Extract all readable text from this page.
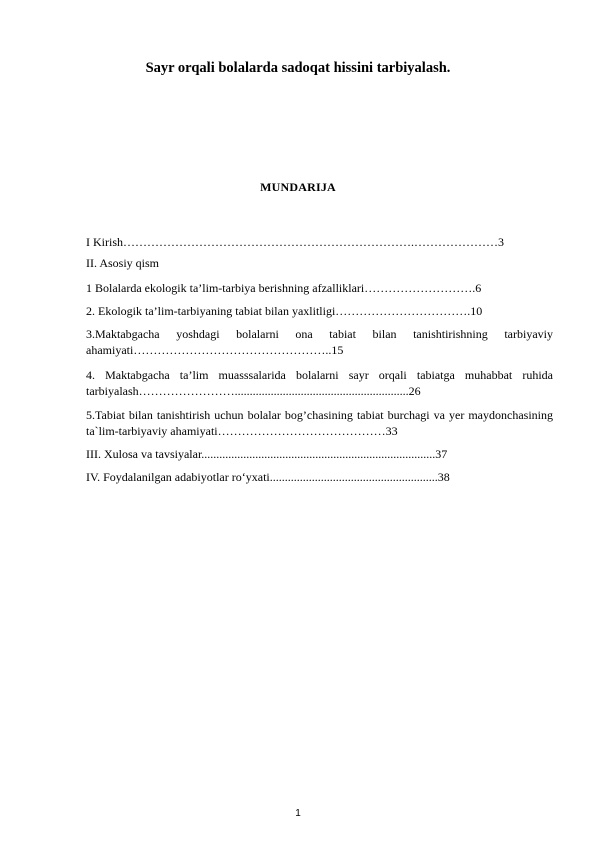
Sayr orqali bolalarda sadoqat hissini tarbiyalash.
MUNDARIJA

I Kirish……………………………………………………………….…………………3

II. Asosiy qism

1 Bolalarda ekologik ta’lim-tarbiya berishning afzalliklari……………………….6

2. Ekologik ta’lim-tarbiyaning tabiat bilan yaxlitligi…………………………….10

3.Maktabgacha yoshdagi bolalarni ona tabiat bilan tanishtirishning tarbiyaviy ahamiyati…………………………………………..15

4. Maktabgacha ta’lim muasssalarida bolalarni sayr orqali tabiatga muhabbat ruhida tarbiyalash……………………..........................................................26

5.Tabiat bilan tanishtirish uchun bolalar bog’chasining tabiat burchagi va yer maydonchasining ta`lim-tarbiyaviy ahamiyati……………………………………33

III. Xulosa va tavsiyalar..............................................................................37

IV. Foydalanilgan adabiyotlar ro‘yxati........................................................38

1
